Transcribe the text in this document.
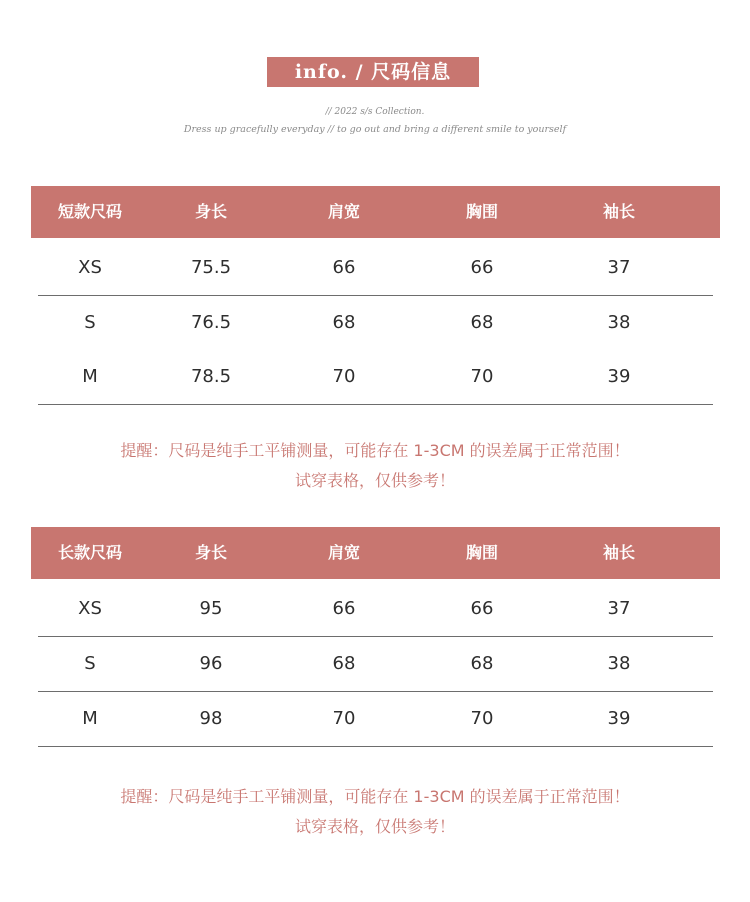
info. / 尺码信息
// 2022 s/s Collection.
Dress up gracefully everyday // to go out and bring a different smile to yourself
短款尺码	身长	肩宽	胸围	袖长
XS	75.5	66	66	37
S	76.5	68	68	38
M	78.5	70	70	39
提醒：尺码是纯手工平铺测量，可能存在 1-3CM 的误差属于正常范围！
试穿表格，仅供参考！
长款尺码	身长	肩宽	胸围	袖长
XS	95	66	66	37
S	96	68	68	38
M	98	70	70	39
提醒：尺码是纯手工平铺测量，可能存在 1-3CM 的误差属于正常范围！
试穿表格，仅供参考！
